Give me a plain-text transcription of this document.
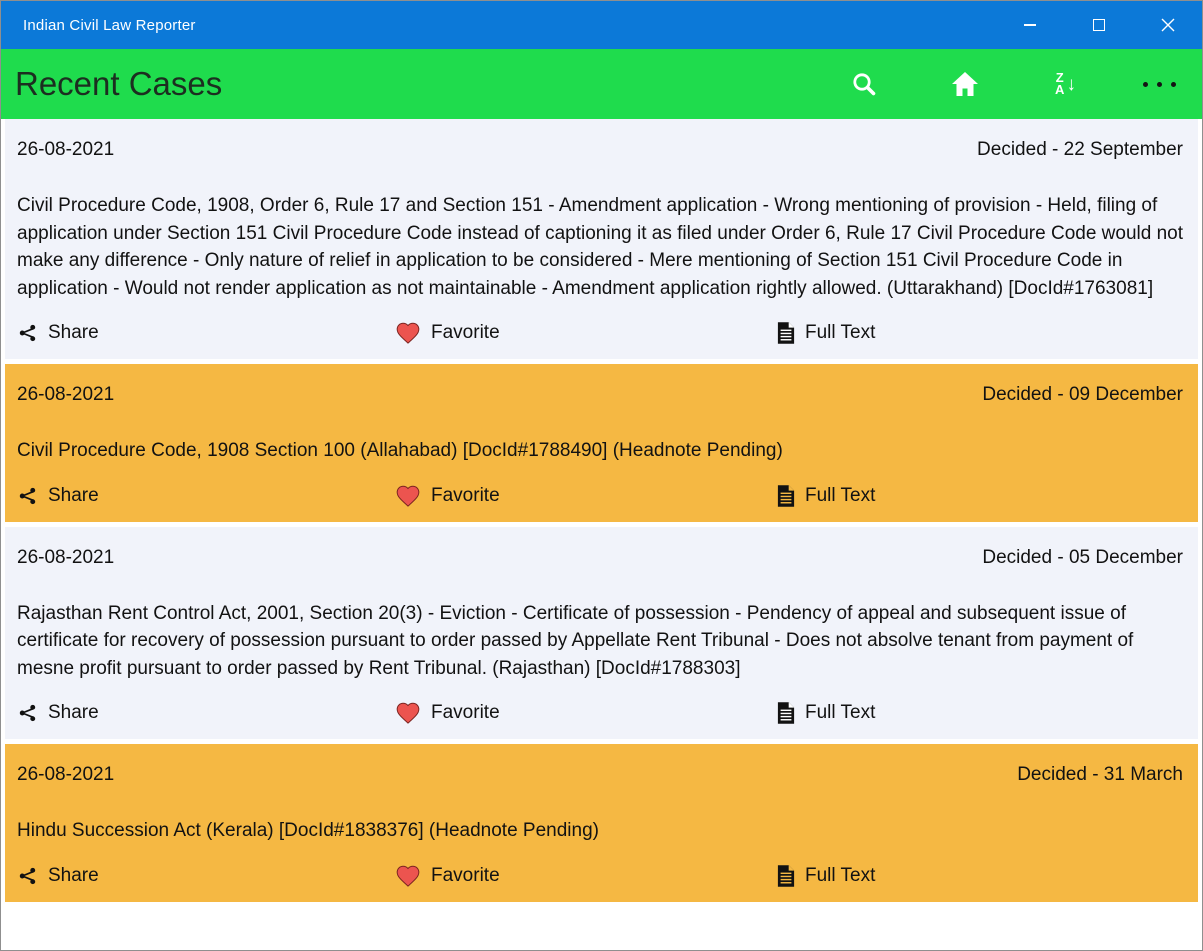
Indian Civil Law Reporter
Recent Cases	Z
A ↓
26-08-2021	Decided - 22 September

Civil Procedure Code, 1908, Order 6, Rule 17 and Section 151 - Amendment application - Wrong mentioning of provision - Held, filing of application under Section 151 Civil Procedure Code instead of captioning it as filed under Order 6, Rule 17 Civil Procedure Code would not make any difference - Only nature of relief in application to be considered - Mere mentioning of Section 151 Civil Procedure Code in application - Would not render application as not maintainable - Amendment application rightly allowed. (Uttarakhand) [DocId#1763081]

Share	Favorite	Full Text
26-08-2021	Decided - 09 December

Civil Procedure Code, 1908 Section 100 (Allahabad) [DocId#1788490] (Headnote Pending)

Share	Favorite	Full Text
26-08-2021	Decided - 05 December

Rajasthan Rent Control Act, 2001, Section 20(3) - Eviction - Certificate of possession - Pendency of appeal and subsequent issue of certificate for recovery of possession pursuant to order passed by Appellate Rent Tribunal - Does not absolve tenant from payment of mesne profit pursuant to order passed by Rent Tribunal. (Rajasthan) [DocId#1788303]

Share	Favorite	Full Text
26-08-2021	Decided - 31 March

Hindu Succession Act (Kerala) [DocId#1838376] (Headnote Pending)

Share	Favorite	Full Text
